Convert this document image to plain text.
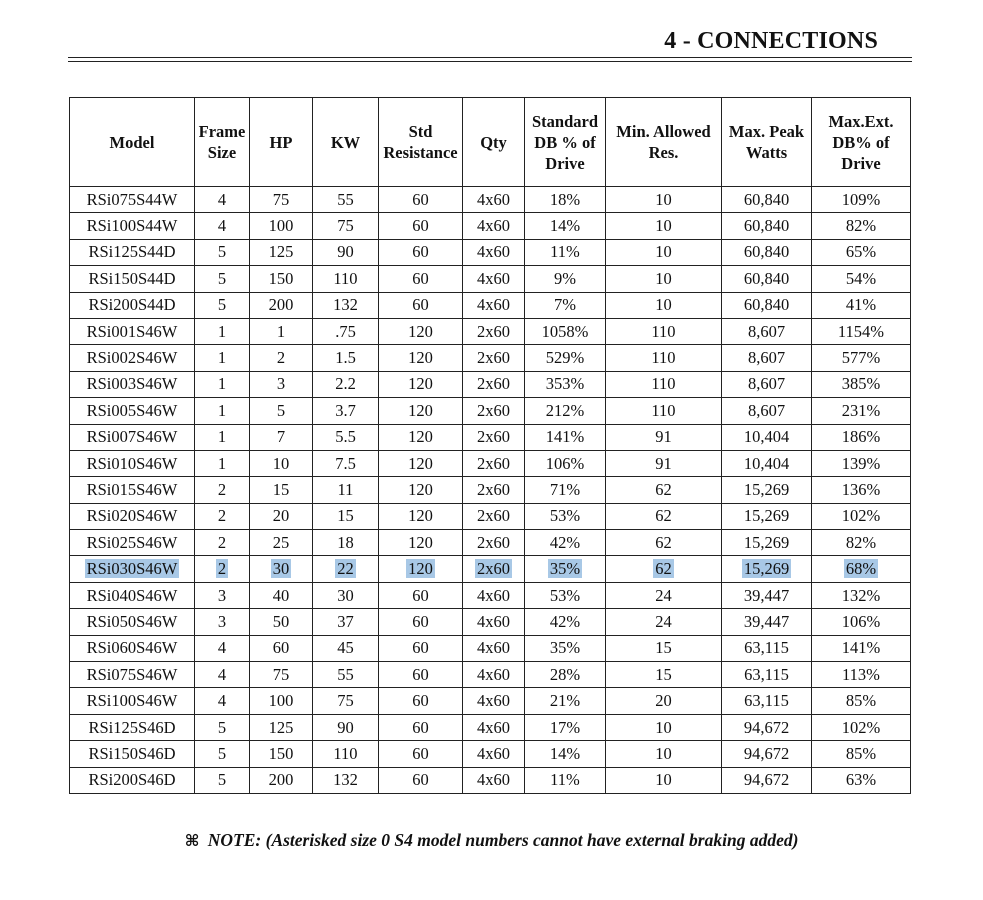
4 - CONNECTIONS
Model	Frame Size	HP	KW	Std Resistance	Qty	Standard DB % of Drive	Min. Allowed Res.	Max. Peak Watts	Max.Ext. DB% of Drive
RSi075S44W	4	75	55	60	4x60	18%	10	60,840	109%
RSi100S44W	4	100	75	60	4x60	14%	10	60,840	82%
RSi125S44D	5	125	90	60	4x60	11%	10	60,840	65%
RSi150S44D	5	150	110	60	4x60	9%	10	60,840	54%
RSi200S44D	5	200	132	60	4x60	7%	10	60,840	41%
RSi001S46W	1	1	.75	120	2x60	1058%	110	8,607	1154%
RSi002S46W	1	2	1.5	120	2x60	529%	110	8,607	577%
RSi003S46W	1	3	2.2	120	2x60	353%	110	8,607	385%
RSi005S46W	1	5	3.7	120	2x60	212%	110	8,607	231%
RSi007S46W	1	7	5.5	120	2x60	141%	91	10,404	186%
RSi010S46W	1	10	7.5	120	2x60	106%	91	10,404	139%
RSi015S46W	2	15	11	120	2x60	71%	62	15,269	136%
RSi020S46W	2	20	15	120	2x60	53%	62	15,269	102%
RSi025S46W	2	25	18	120	2x60	42%	62	15,269	82%
RSi030S46W	2	30	22	120	2x60	35%	62	15,269	68%
RSi040S46W	3	40	30	60	4x60	53%	24	39,447	132%
RSi050S46W	3	50	37	60	4x60	42%	24	39,447	106%
RSi060S46W	4	60	45	60	4x60	35%	15	63,115	141%
RSi075S46W	4	75	55	60	4x60	28%	15	63,115	113%
RSi100S46W	4	100	75	60	4x60	21%	20	63,115	85%
RSi125S46D	5	125	90	60	4x60	17%	10	94,672	102%
RSi150S46D	5	150	110	60	4x60	14%	10	94,672	85%
RSi200S46D	5	200	132	60	4x60	11%	10	94,672	63%
⌘ NOTE: (Asterisked size 0 S4 model numbers cannot have external braking added)
